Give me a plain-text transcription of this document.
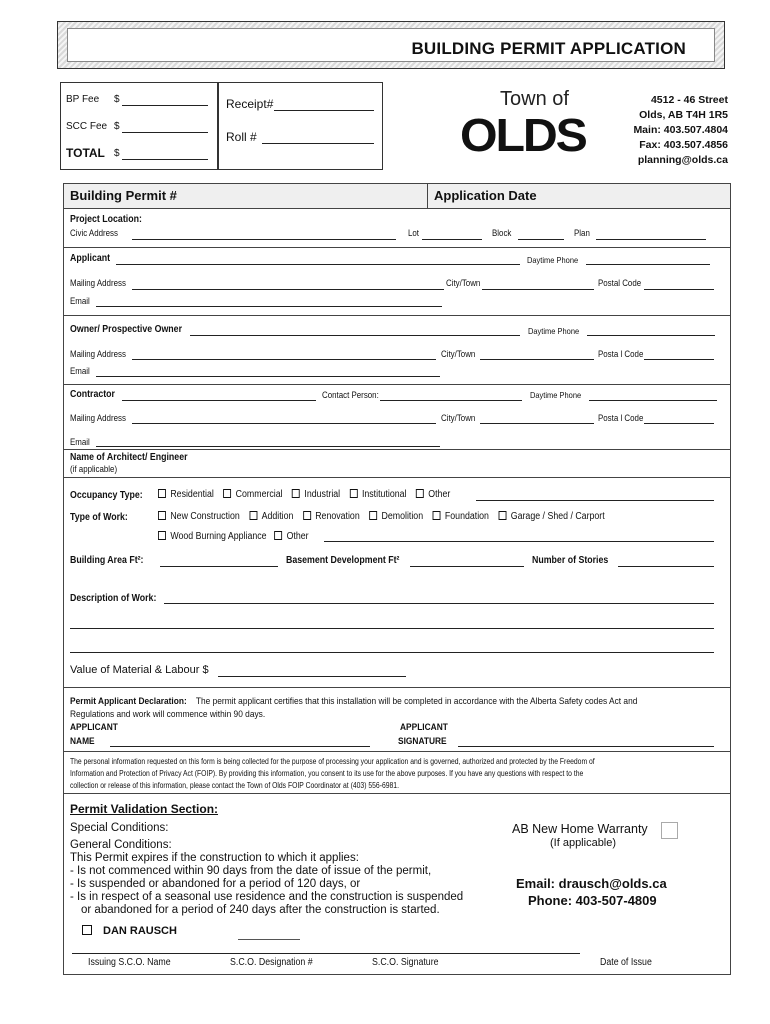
BUILDING PERMIT APPLICATION
BP Fee $
SCC Fee $
TOTAL $
Receipt#
Roll #
Town of
OLDS
4512 - 46 Street
Olds, AB T4H 1R5
Main: 403.507.4804
Fax: 403.507.4856
planning@olds.ca
Building Permit #	Application Date
Project Location:
Civic Address	Lot	Block	Plan
Applicant	Daytime Phone
Mailing Address	City/Town	Postal Code
Email
Owner/ Prospective Owner	Daytime Phone
Mailing Address	City/Town	Posta l Code
Email
Contractor	Contact Person:	Daytime Phone
Mailing Address	City/Town	Posta l Code
Email
Name of Architect/ Engineer
(if applicable)
Occupancy Type:	Residential Commercial Industrial Institutional Other
Type of Work:	New Construction Addition Renovation Demolition Foundation Garage / Shed / Carport
Wood Burning Appliance Other
Building Area Ft²:	Basement Development Ft²	Number of Stories
Description of Work:
Value of Material & Labour $
Permit Applicant Declaration: The permit applicant certifies that this installation will be completed in accordance with the Alberta Safety codes Act and
Regulations and work will commence within 90 days.
APPLICANT
NAME
APPLICANT
SIGNATURE
The personal information requested on this form is being collected for the purpose of processing your application and is governed, authorized and protected by the Freedom of
Information and Protection of Privacy Act (FOIP). By providing this information, you consent to its use for the above purposes. If you have any questions with respect to the
collection or release of this information, please contact the Town of Olds FOIP Coordinator at (403) 556-6981.
Permit Validation Section:
Special Conditions:
General Conditions:
This Permit expires if the construction to which it applies:
- Is not commenced within 90 days from the date of issue of the permit,
- Is suspended or abandoned for a period of 120 days, or
- Is in respect of a seasonal use residence and the construction is suspended
or abandoned for a period of 240 days after the construction is started.
AB New Home Warranty
(If applicable)
Email: drausch@olds.ca
Phone: 403-507-4809
DAN RAUSCH
Issuing S.C.O. Name	S.C.O. Designation #	S.C.O. Signature	Date of Issue
